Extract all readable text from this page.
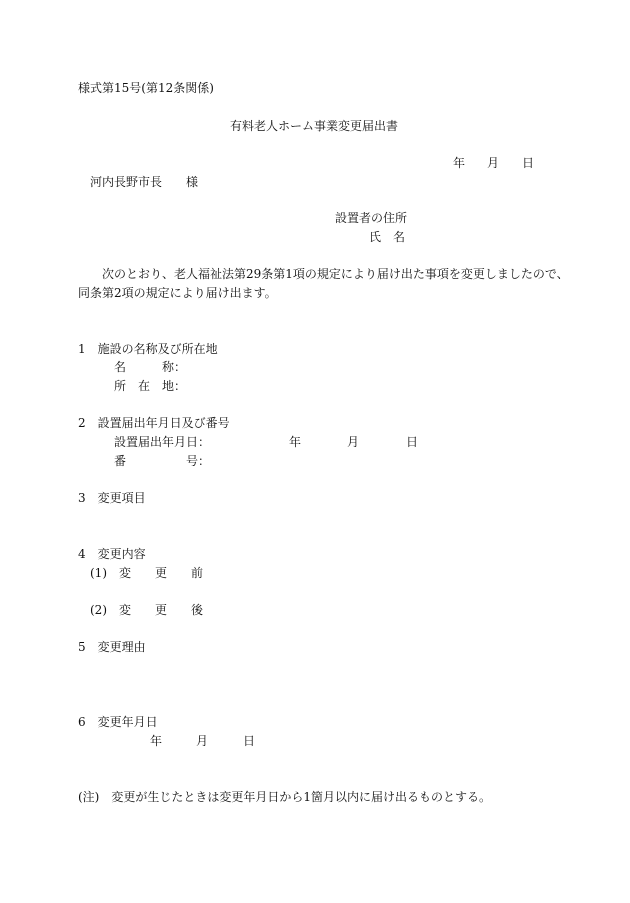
様式第15号(第12条関係)
有料老人ホーム事業変更届出書
年 月 日
河内長野市長　　様
設置者の住所
氏　名
次のとおり、老人福祉法第29条第1項の規定により届け出た事項を変更しましたので、
同条第2項の規定により届け出ます。
1　施設の名称及び所在地
名　　　称：
所　在　地：
2　設置届出年月日及び番号
設置届出年月日：	年	月	日
番　　　　　号：
3　変更項目
4　変更内容
(1)　変　　更　　前
(2)　変　　更　　後
5　変更理由
6　変更年月日
年	月	日
(注)　変更が生じたときは変更年月日から1箇月以内に届け出るものとする。
